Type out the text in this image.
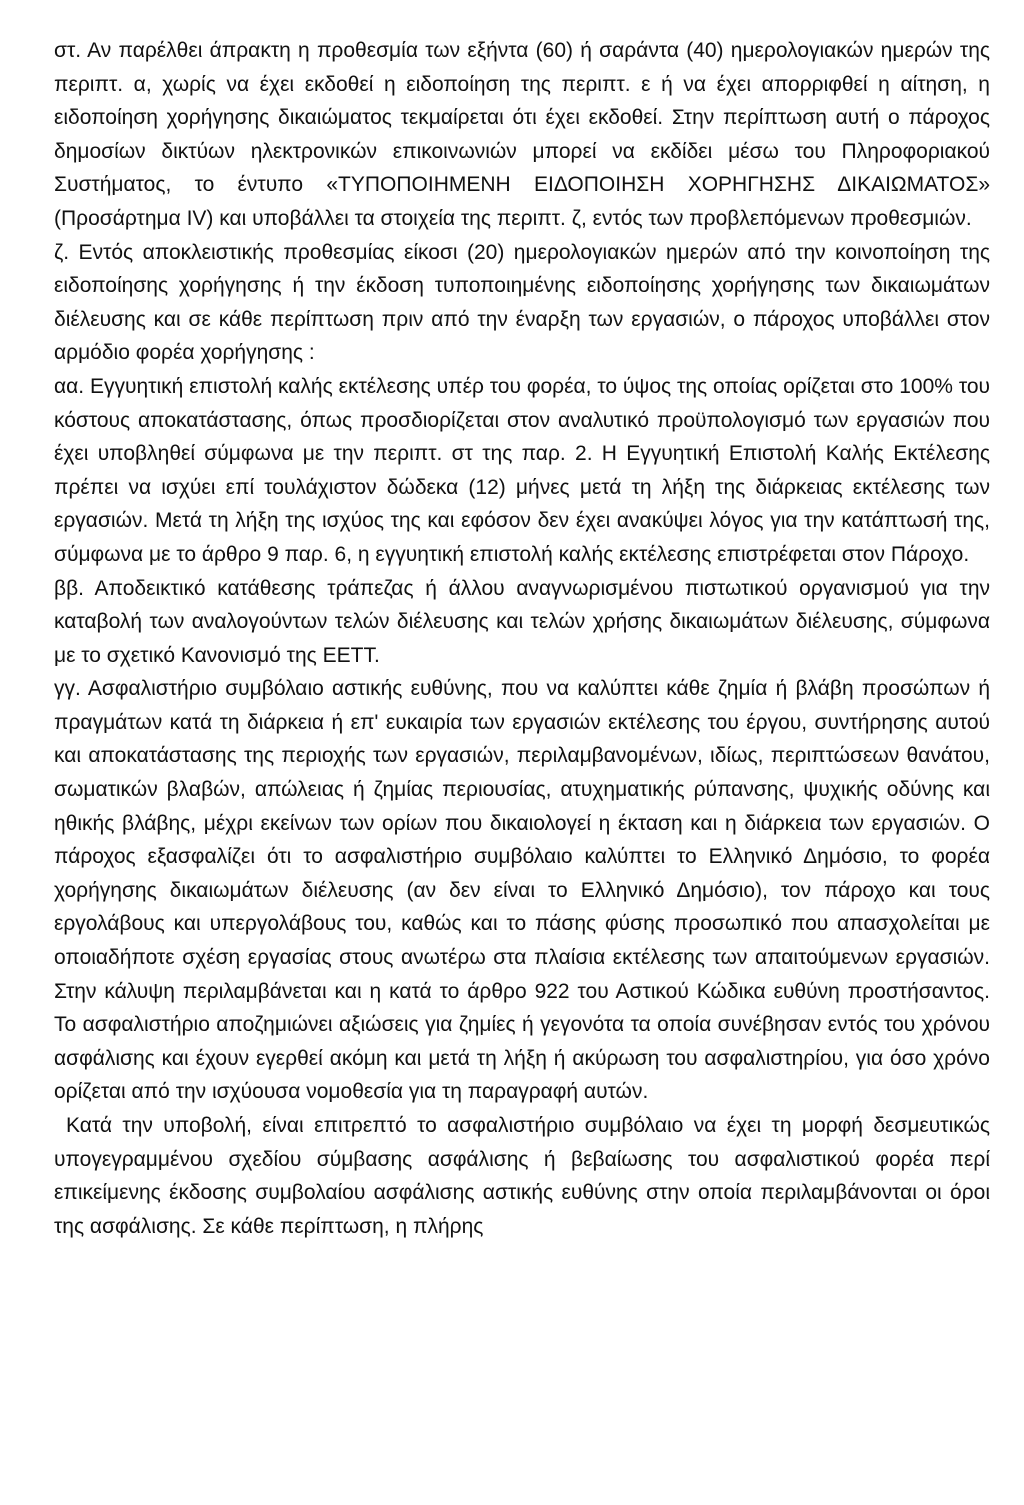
στ. Αν παρέλθει άπρακτη η προθεσμία των εξήντα (60) ή σαράντα (40) ημερολογιακών ημερών της περιπτ. α, χωρίς να έχει εκδοθεί η ειδοποίηση της περιπτ. ε ή να έχει απορριφθεί η αίτηση, η ειδοποίηση χορήγησης δικαιώματος τεκμαίρεται ότι έχει εκδοθεί. Στην περίπτωση αυτή ο πάροχος δημοσίων δικτύων ηλεκτρονικών επικοινωνιών μπορεί να εκδίδει μέσω του Πληροφοριακού Συστήματος, το έντυπο «ΤΥΠΟΠΟΙΗΜΕΝΗ ΕΙΔΟΠΟΙΗΣΗ ΧΟΡΗΓΗΣΗΣ ΔΙΚΑΙΩΜΑΤΟΣ» (Προσάρτημα IV) και υποβάλλει τα στοιχεία της περιπτ. ζ, εντός των προβλεπόμενων προθεσμιών.

ζ. Εντός αποκλειστικής προθεσμίας είκοσι (20) ημερολογιακών ημερών από την κοινοποίηση της ειδοποίησης χορήγησης ή την έκδοση τυποποιημένης ειδοποίησης χορήγησης των δικαιωμάτων διέλευσης και σε κάθε περίπτωση πριν από την έναρξη των εργασιών, ο πάροχος υποβάλλει στον αρμόδιο φορέα χορήγησης :

αα. Εγγυητική επιστολή καλής εκτέλεσης υπέρ του φορέα, το ύψος της οποίας ορίζεται στο 100% του κόστους αποκατάστασης, όπως προσδιορίζεται στον αναλυτικό προϋπολογισμό των εργασιών που έχει υποβληθεί σύμφωνα με την περιπτ. στ της παρ. 2. Η Εγγυητική Επιστολή Καλής Εκτέλεσης πρέπει να ισχύει επί τουλάχιστον δώδεκα (12) μήνες μετά τη λήξη της διάρκειας εκτέλεσης των εργασιών. Μετά τη λήξη της ισχύος της και εφόσον δεν έχει ανακύψει λόγος για την κατάπτωσή της, σύμφωνα με το άρθρο 9 παρ. 6, η εγγυητική επιστολή καλής εκτέλεσης επιστρέφεται στον Πάροχο.

ββ. Αποδεικτικό κατάθεσης τράπεζας ή άλλου αναγνωρισμένου πιστωτικού οργανισμού για την καταβολή των αναλογούντων τελών διέλευσης και τελών χρήσης δικαιωμάτων διέλευσης, σύμφωνα με το σχετικό Κανονισμό της ΕΕΤΤ.

γγ. Ασφαλιστήριο συμβόλαιο αστικής ευθύνης, που να καλύπτει κάθε ζημία ή βλάβη προσώπων ή πραγμάτων κατά τη διάρκεια ή επ' ευκαιρία των εργασιών εκτέλεσης του έργου, συντήρησης αυτού και αποκατάστασης της περιοχής των εργασιών, περιλαμβανομένων, ιδίως, περιπτώσεων θανάτου, σωματικών βλαβών, απώλειας ή ζημίας περιουσίας, ατυχηματικής ρύπανσης, ψυχικής οδύνης και ηθικής βλάβης, μέχρι εκείνων των ορίων που δικαιολογεί η έκταση και η διάρκεια των εργασιών. Ο πάροχος εξασφαλίζει ότι το ασφαλιστήριο συμβόλαιο καλύπτει το Ελληνικό Δημόσιο, το φορέα χορήγησης δικαιωμάτων διέλευσης (αν δεν είναι το Ελληνικό Δημόσιο), τον πάροχο και τους εργολάβους και υπεργολάβους του, καθώς και το πάσης φύσης προσωπικό που απασχολείται με οποιαδήποτε σχέση εργασίας στους ανωτέρω στα πλαίσια εκτέλεσης των απαιτούμενων εργασιών. Στην κάλυψη περιλαμβάνεται και η κατά το άρθρο 922 του Αστικού Κώδικα ευθύνη προστήσαντος. Το ασφαλιστήριο αποζημιώνει αξιώσεις για ζημίες ή γεγονότα τα οποία συνέβησαν εντός του χρόνου ασφάλισης και έχουν εγερθεί ακόμη και μετά τη λήξη ή ακύρωση του ασφαλιστηρίου, για όσο χρόνο ορίζεται από την ισχύουσα νομοθεσία για τη παραγραφή αυτών.

Κατά την υποβολή, είναι επιτρεπτό το ασφαλιστήριο συμβόλαιο να έχει τη μορφή δεσμευτικώς υπογεγραμμένου σχεδίου σύμβασης ασφάλισης ή βεβαίωσης του ασφαλιστικού φορέα περί επικείμενης έκδοσης συμβολαίου ασφάλισης αστικής ευθύνης στην οποία περιλαμβάνονται οι όροι της ασφάλισης. Σε κάθε περίπτωση, η πλήρης
